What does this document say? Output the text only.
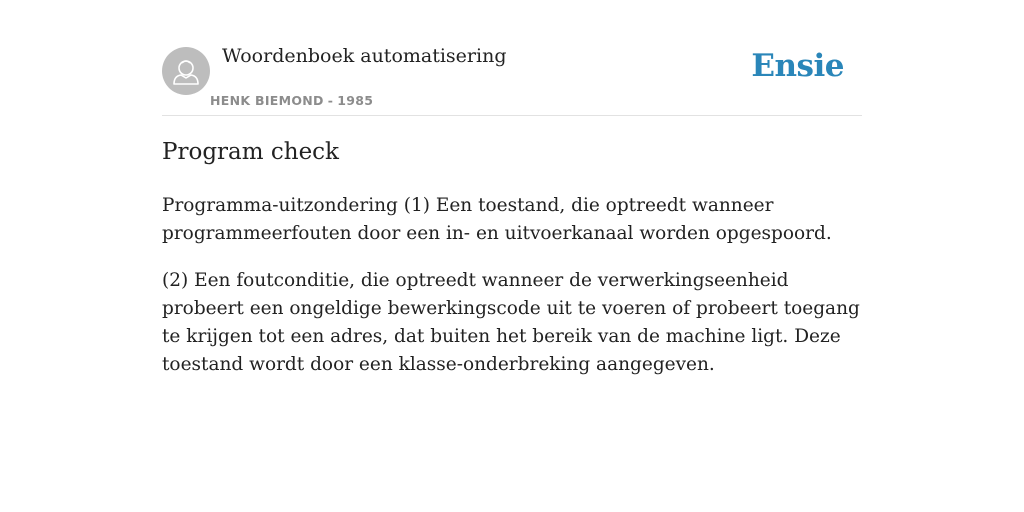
Woordenboek automatisering
HENK BIEMOND - 1985
Ensie
Program check

Programma-uitzondering (1) Een toestand, die optreedt wanneer programmeerfouten door een in- en uitvoerkanaal worden opgespoord.

(2) Een foutconditie, die optreedt wanneer de verwerkingseenheid probeert een ongeldige bewerkingscode uit te voeren of probeert toegang te krijgen tot een adres, dat buiten het bereik van de machine ligt. Deze toestand wordt door een klasse-onderbreking aangegeven.
